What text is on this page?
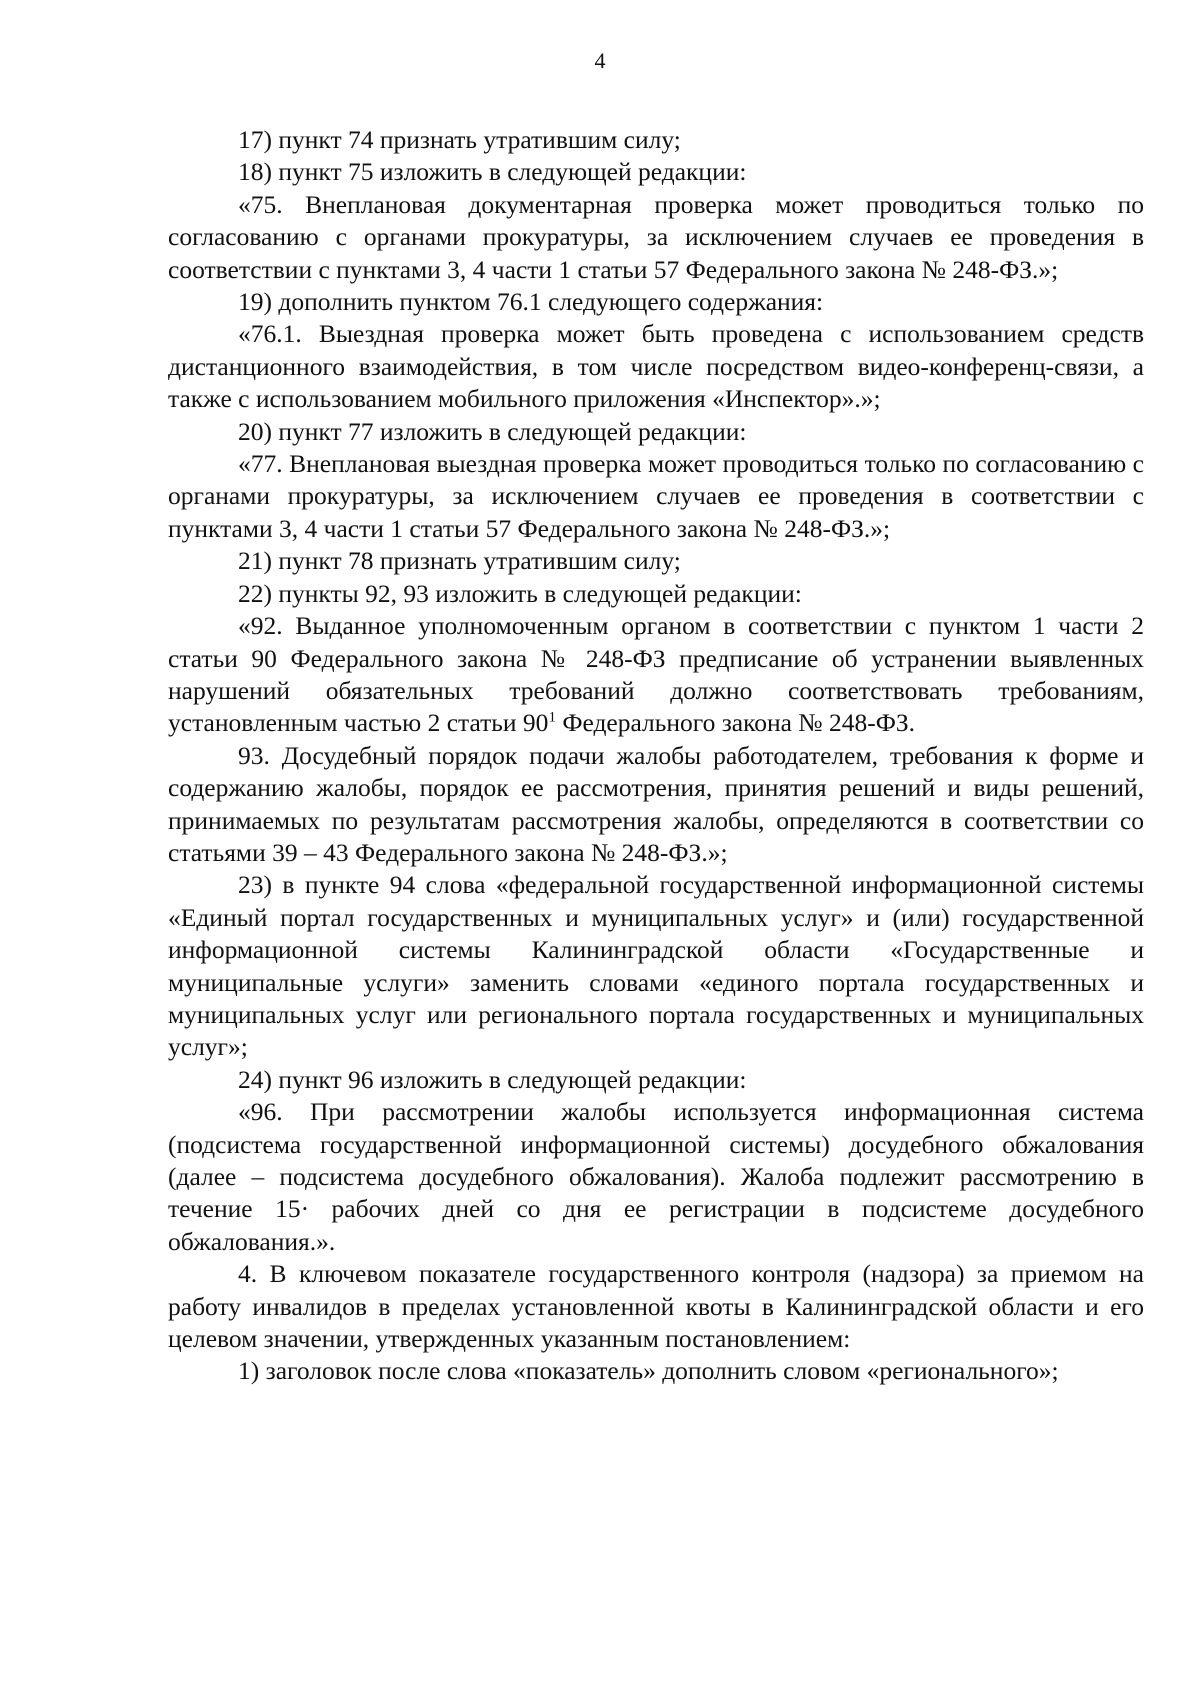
4

17) пункт 74 признать утратившим силу;

18) пункт 75 изложить в следующей редакции:

«75. Внеплановая документарная проверка может проводиться только по согласованию с органами прокуратуры, за исключением случаев ее проведения в соответствии с пунктами 3, 4 части 1 статьи 57 Федерального закона № 248-ФЗ.»;

19) дополнить пунктом 76.1 следующего содержания:

«76.1. Выездная проверка может быть проведена с использованием средств дистанционного взаимодействия, в том числе посредством видео-конференц-связи, а также с использованием мобильного приложения «Инспектор».»;

20) пункт 77 изложить в следующей редакции:

«77. Внеплановая выездная проверка может проводиться только по согласованию с органами прокуратуры, за исключением случаев ее проведения в соответствии с пунктами 3, 4 части 1 статьи 57 Федерального закона № 248-ФЗ.»;

21) пункт 78 признать утратившим силу;

22) пункты 92, 93 изложить в следующей редакции:

«92. Выданное уполномоченным органом в соответствии с пунктом 1 части 2 статьи 90 Федерального закона № 248-ФЗ предписание об устранении выявленных нарушений обязательных требований должно соответствовать требованиям, установленным частью 2 статьи $90^1$ Федерального закона № 248-ФЗ.

93. Досудебный порядок подачи жалобы работодателем, требования к форме и содержанию жалобы, порядок ее рассмотрения, принятия решений и виды решений, принимаемых по результатам рассмотрения жалобы, определяются в соответствии со статьями 39 – 43 Федерального закона № 248-ФЗ.»;

23) в пункте 94 слова «федеральной государственной информационной системы «Единый портал государственных и муниципальных услуг» и (или) государственной информационной системы Калининградской области «Государственные и муниципальные услуги» заменить словами «единого портала государственных и муниципальных услуг или регионального портала государственных и муниципальных услуг»;

24) пункт 96 изложить в следующей редакции:

«96. При рассмотрении жалобы используется информационная система (подсистема государственной информационной системы) досудебного обжалования (далее – подсистема досудебного обжалования). Жалоба подлежит рассмотрению в течение 15· рабочих дней со дня ее регистрации в подсистеме досудебного обжалования.».

4. В ключевом показателе государственного контроля (надзора) за приемом на работу инвалидов в пределах установленной квоты в Калининградской области и его целевом значении, утвержденных указанным постановлением:

1) заголовок после слова «показатель» дополнить словом «регионального»;
